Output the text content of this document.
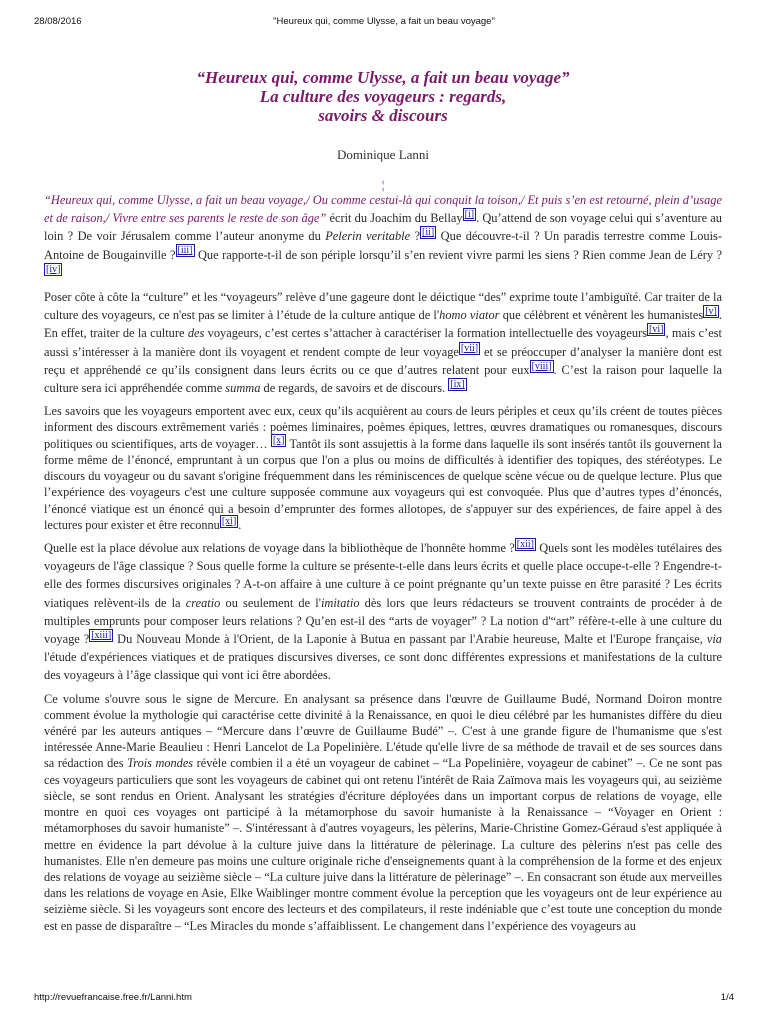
28/08/2016	"Heureux qui, comme Ulysse, a fait un beau voyage"
“Heureux qui, comme Ulysse, a fait un beau voyage”
La culture des voyageurs : regards,
savoirs & discours
Dominique Lanni
¦

“Heureux qui, comme Ulysse, a fait un beau voyage,/ Ou comme cestui-là qui conquit la toison,/ Et puis s’en est retourné, plein d’usage et de raison,/ Vivre entre ses parents le reste de son âge” écrit du Joachim du Bellay [i] . Qu’attend de son voyage celui qui s’aventure au loin ? De voir Jérusalem comme l’auteur anonyme du Pelerin veritable ? [ii] Que découvre-t-il ? Un paradis terrestre comme Louis-Antoine de Bougainville ? [iii] Que rapporte-t-il de son périple lorsqu’il s’en revient vivre parmi les siens ? Rien comme Jean de Léry ?[iv]

Poser côte à côte la “culture” et les “voyageurs” relève d’une gageure dont le déictique “des” exprime toute l’ambiguïté. Car traiter de la culture des voyageurs, ce n'est pas se limiter à l’étude de la culture antique de l'homo viator que célèbrent et vénèrent les humanistes [v] . En effet, traiter de la culture des voyageurs, c’est certes s’attacher à caractériser la formation intellectuelle des voyageurs [vi] , mais c’est aussi s’intéresser à la manière dont ils voyagent et rendent compte de leur voyage [vii] et se préoccuper d’analyser la manière dont est reçu et appréhendé ce qu’ils consignent dans leurs écrits ou ce que d’autres relatent pour eux [viii] . C’est la raison pour laquelle la culture sera ici appréhendée comme summa de regards, de savoirs et de discours. [ix]

Les savoirs que les voyageurs emportent avec eux, ceux qu’ils acquièrent au cours de leurs périples et ceux qu’ils créent de toutes pièces informent des discours extrêmement variés : poèmes liminaires, poèmes épiques, lettres, œuvres dramatiques ou romanesques, discours politiques ou scientifiques, arts de voyager… [x] Tantôt ils sont assujettis à la forme dans laquelle ils sont insérés tantôt ils gouvernent la forme même de l’énoncé, empruntant à un corpus que l'on a plus ou moins de difficultés à identifier des topiques, des stéréotypes. Le discours du voyageur ou du savant s'origine fréquemment dans les réminiscences de quelque scène vécue ou de quelque lecture. Plus que l’expérience des voyageurs c'est une culture supposée commune aux voyageurs qui est convoquée. Plus que d’autres types d’énoncés, l’énoncé viatique est un énoncé qui a besoin d’emprunter des formes allotopes, de s'appuyer sur des expériences, de faire appel à des lectures pour exister et être reconnu [xi] .

Quelle est la place dévolue aux relations de voyage dans la bibliothèque de l'honnête homme ? [xii] Quels sont les modèles tutélaires des voyageurs de l'âge classique ? Sous quelle forme la culture se présente-t-elle dans leurs écrits et quelle place occupe-t-elle ? Engendre-t-elle des formes discursives originales ? A-t-on affaire à une culture à ce point prégnante qu’un texte puisse en être parasité ? Les écrits viatiques relèvent-ils de la creatio ou seulement de l'imitatio dès lors que leurs rédacteurs se trouvent contraints de procéder à de multiples emprunts pour composer leurs relations ? Qu’en est-il des “arts de voyager” ? La notion d'“art” réfère-t-elle à une culture du voyage ? [xiii] Du Nouveau Monde à l'Orient, de la Laponie à Butua en passant par l'Arabie heureuse, Malte et l'Europe française, via l'étude d'expériences viatiques et de pratiques discursives diverses, ce sont donc différentes expressions et manifestations de la culture des voyageurs à l’âge classique qui vont ici être abordées.

Ce volume s'ouvre sous le signe de Mercure. En analysant sa présence dans l'œuvre de Guillaume Budé, Normand Doiron montre comment évolue la mythologie qui caractérise cette divinité à la Renaissance, en quoi le dieu célébré par les humanistes diffère du dieu vénéré par les auteurs antiques – “Mercure dans l’œuvre de Guillaume Budé” –. C'est à une grande figure de l'humanisme que s'est intéressée Anne-Marie Beaulieu : Henri Lancelot de La Popelinière. L'étude qu'elle livre de sa méthode de travail et de ses sources dans sa rédaction des Trois mondes révèle combien il a été un voyageur de cabinet – “La Popelinière, voyageur de cabinet” –. Ce ne sont pas ces voyageurs particuliers que sont les voyageurs de cabinet qui ont retenu l'intérêt de Raia Zaïmova mais les voyageurs qui, au seizième siècle, se sont rendus en Orient. Analysant les stratégies d'écriture déployées dans un important corpus de relations de voyage, elle montre en quoi ces voyages ont participé à la métamorphose du savoir humaniste à la Renaissance – “Voyager en Orient : métamorphoses du savoir humaniste” –. S'intéressant à d'autres voyageurs, les pèlerins, Marie-Christine Gomez-Géraud s'est appliquée à mettre en évidence la part dévolue à la culture juive dans la littérature de pèlerinage. La culture des pèlerins n'est pas celle des humanistes. Elle n'en demeure pas moins une culture originale riche d'enseignements quant à la compréhension de la forme et des enjeux des relations de voyage au seizième siècle – “La culture juive dans la littérature de pèlerinage” –. En consacrant son étude aux merveilles dans les relations de voyage en Asie, Elke Waiblinger montre comment évolue la perception que les voyageurs ont de leur expérience au seizième siècle. Si les voyageurs sont encore des lecteurs et des compilateurs, il reste indéniable que c’est toute une conception du monde est en passe de disparaître – “Les Miracles du monde s’affaiblissent. Le changement dans l’expérience des voyageurs au

http://revuefrancaise.free.fr/Lanni.htm	1/4
